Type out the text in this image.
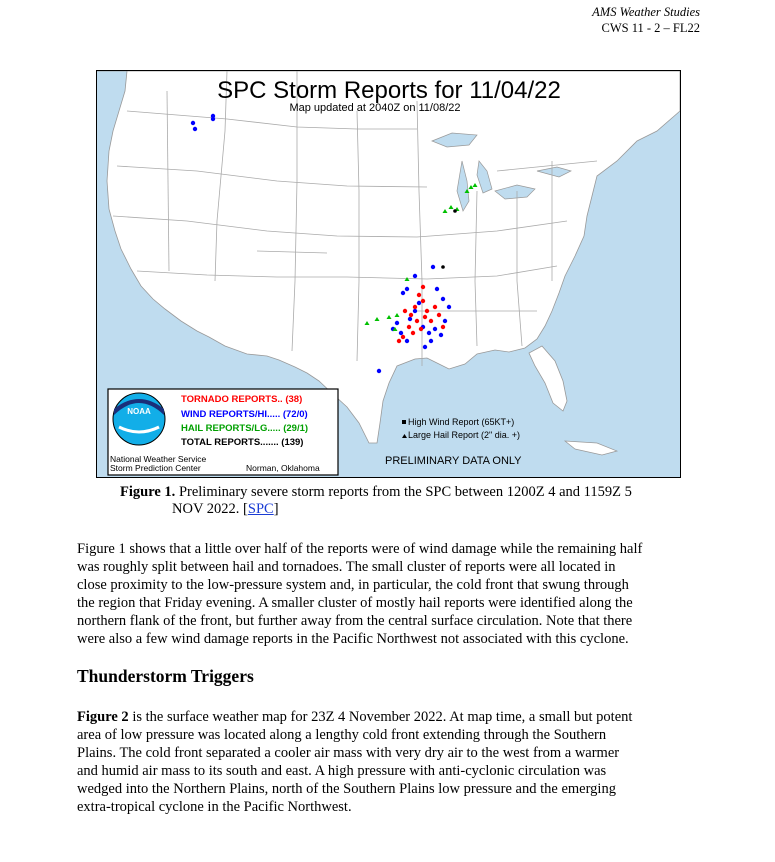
AMS Weather Studies
CWS 11 - 2 – FL22
SPC Storm Reports for 11/04/22
Map updated at 2040Z on 11/08/22
NOAA
TORNADO REPORTS.. (38)
WIND REPORTS/HI..... (72/0)
HAIL REPORTS/LG..... (29/1)
TOTAL REPORTS....... (139)
National Weather Service
Storm Prediction Center	Norman, Oklahoma
High Wind Report (65KT+)
Large Hail Report (2" dia. +)
PRELIMINARY DATA ONLY
Figure 1. Preliminary severe storm reports from the SPC between 1200Z 4 and 1159Z 5
NOV 2022. [SPC]
Figure 1 shows that a little over half of the reports were of wind damage while the remaining half
was roughly split between hail and tornadoes. The small cluster of reports were all located in
close proximity to the low-pressure system and, in particular, the cold front that swung through
the region that Friday evening. A smaller cluster of mostly hail reports were identified along the
northern flank of the front, but further away from the central surface circulation. Note that there
were also a few wind damage reports in the Pacific Northwest not associated with this cyclone.
Thunderstorm Triggers
Figure 2 is the surface weather map for 23Z 4 November 2022. At map time, a small but potent
area of low pressure was located along a lengthy cold front extending through the Southern
Plains. The cold front separated a cooler air mass with very dry air to the west from a warmer
and humid air mass to its south and east. A high pressure with anti-cyclonic circulation was
wedged into the Northern Plains, north of the Southern Plains low pressure and the emerging
extra-tropical cyclone in the Pacific Northwest.
